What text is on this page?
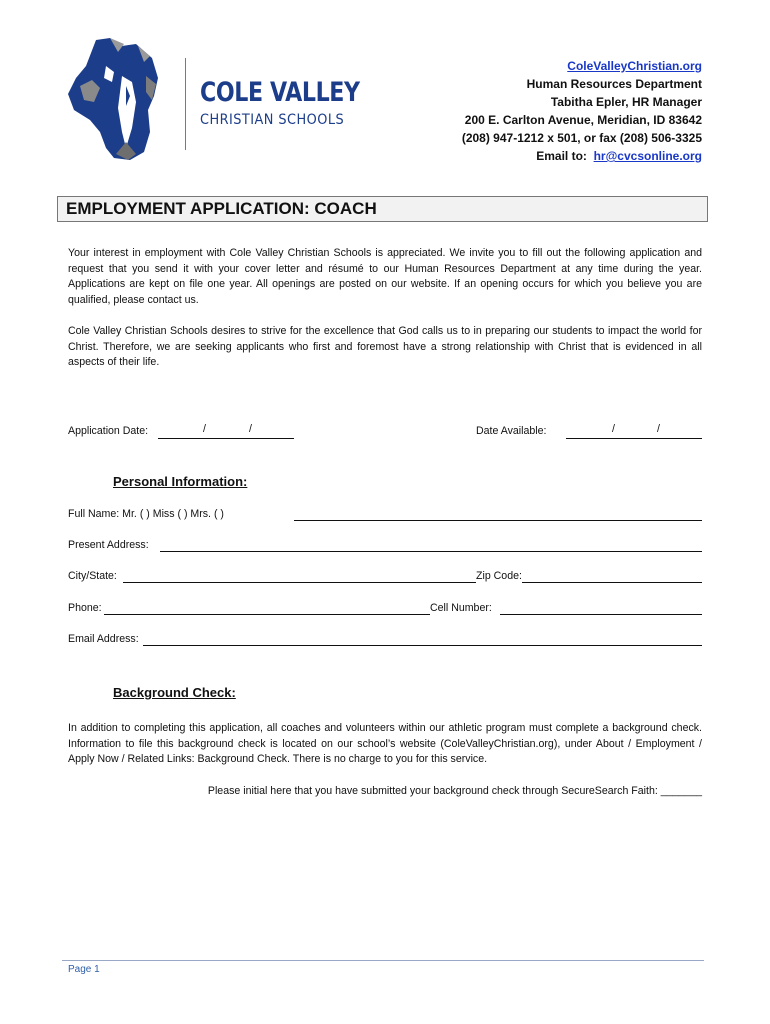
COLE VALLEY
CHRISTIAN SCHOOLS
ColeValleyChristian.org
Human Resources Department
Tabitha Epler, HR Manager
200 E. Carlton Avenue, Meridian, ID 83642
(208) 947-1212 x 501, or fax (208) 506-3325
Email to: hr@cvcsonline.org
EMPLOYMENT APPLICATION: COACH
Your interest in employment with Cole Valley Christian Schools is appreciated. We invite you to fill out the following application and request that you send it with your cover letter and résumé to our Human Resources Department at any time during the year. Applications are kept on file one year. All openings are posted on our website. If an opening occurs for which you believe you are qualified, please contact us.
Cole Valley Christian Schools desires to strive for the excellence that God calls us to in preparing our students to impact the world for Christ. Therefore, we are seeking applicants who first and foremost have a strong relationship with Christ that is evidenced in all aspects of their life.
Application Date:	/	/	Date Available:	/	/
Personal Information:
Full Name: Mr. ( ) Miss ( ) Mrs. ( )
Present Address:
City/State:	Zip Code:
Phone:	Cell Number:
Email Address:
Background Check:
In addition to completing this application, all coaches and volunteers within our athletic program must complete a background check. Information to file this background check is located on our school’s website (ColeValleyChristian.org), under About / Employment / Apply Now / Related Links: Background Check. There is no charge to you for this service.
Please initial here that you have submitted your background check through SecureSearch Faith: _______
Page 1
